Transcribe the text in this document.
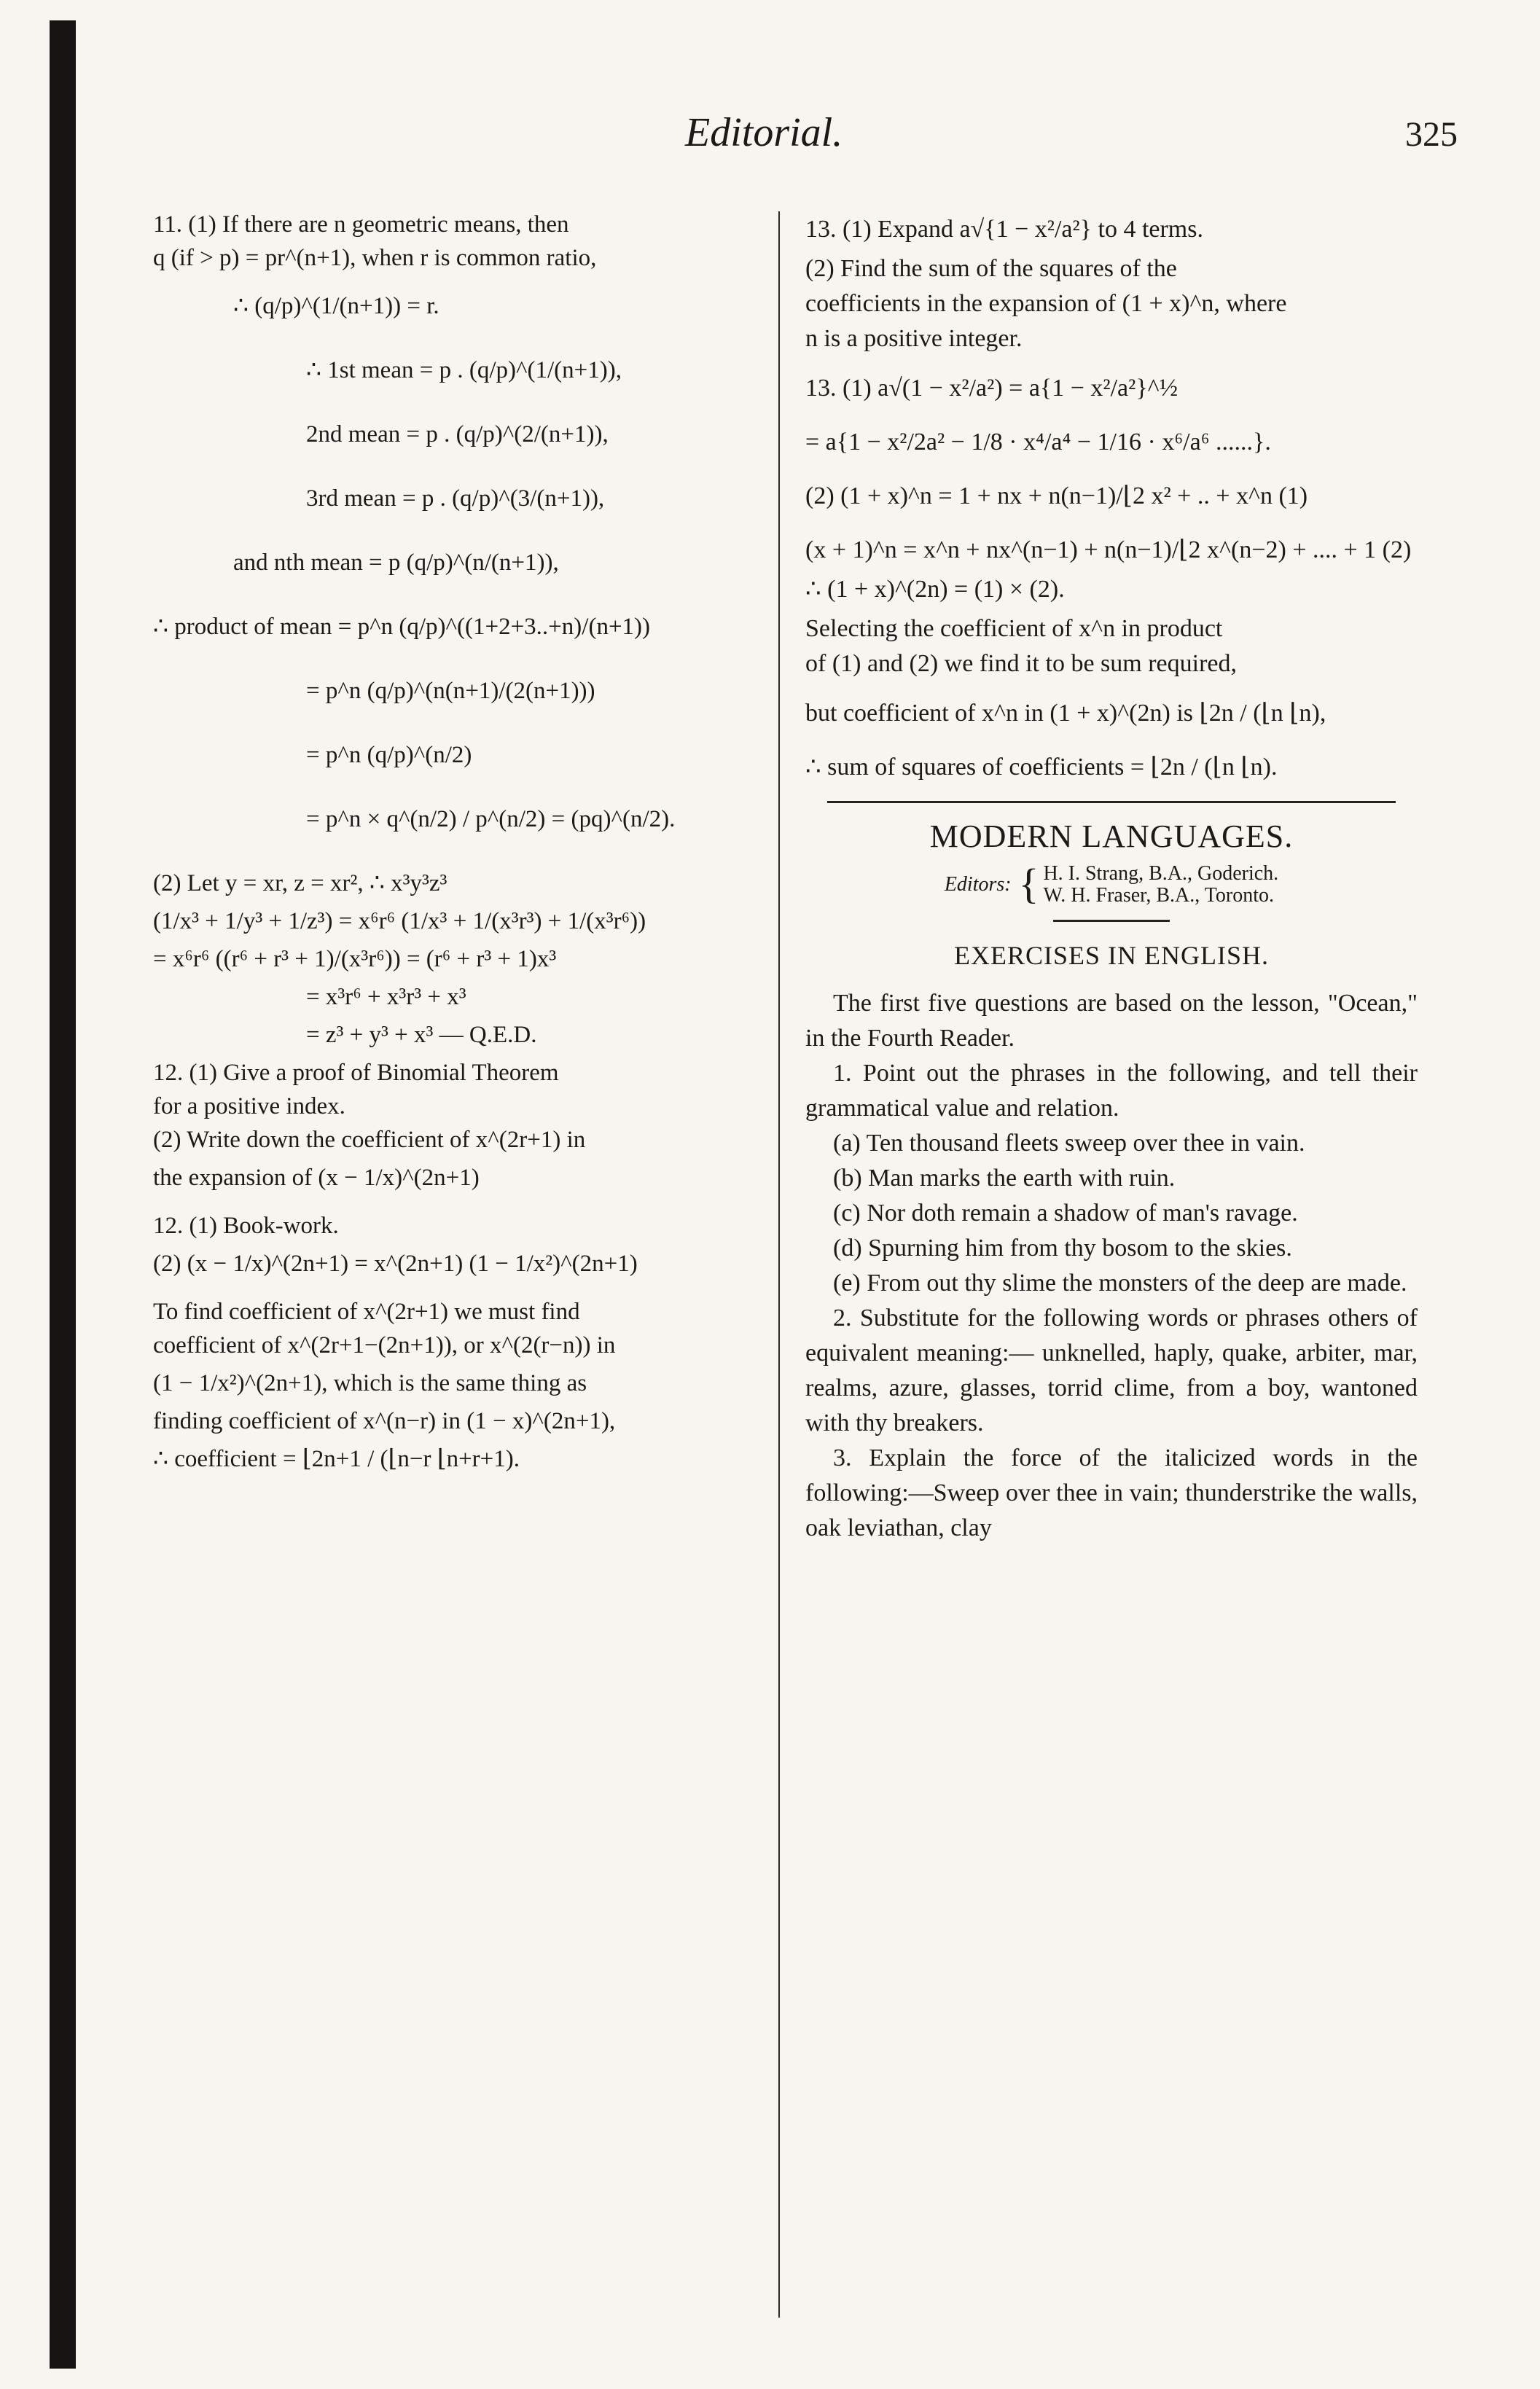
Editorial.	325
11. (1) If there are n geometric means, then
q (if > p) = pr^(n+1), when r is common ratio,
∴ (q/p)^(1/(n+1)) = r.
∴ 1st mean = p . (q/p)^(1/(n+1)),
2nd mean = p . (q/p)^(2/(n+1)),
3rd mean = p . (q/p)^(3/(n+1)),
and nth mean = p (q/p)^(n/(n+1)),
∴ product of mean = p^n (q/p)^((1+2+3..+n)/(n+1))
= p^n (q/p)^(n(n+1)/(2(n+1)))
= p^n (q/p)^(n/2)
= p^n × q^(n/2) / p^(n/2) = (pq)^(n/2).
(2) Let y = xr, z = xr², ∴ x³y³z³
(1/x³ + 1/y³ + 1/z³) = x⁶r⁶ (1/x³ + 1/(x³r³) + 1/(x³r⁶))
= x⁶r⁶ ((r⁶ + r³ + 1)/(x³r⁶)) = (r⁶ + r³ + 1)x³
= x³r⁶ + x³r³ + x³
= z³ + y³ + x³ — Q.E.D.
12. (1) Give a proof of Binomial Theorem
for a positive index.
(2) Write down the coefficient of x^(2r+1) in
the expansion of (x − 1/x)^(2n+1)
12. (1) Book-work.
(2) (x − 1/x)^(2n+1) = x^(2n+1) (1 − 1/x²)^(2n+1)
To find coefficient of x^(2r+1) we must find
coefficient of x^(2r+1−(2n+1)), or x^(2(r−n)) in
(1 − 1/x²)^(2n+1), which is the same thing as
finding coefficient of x^(n−r) in (1 − x)^(2n+1),
∴ coefficient = ⌊2n+1 / (⌊n−r ⌊n+r+1).
13. (1) Expand a√{1 − x²/a²} to 4 terms.
(2) Find the sum of the squares of the
coefficients in the expansion of (1 + x)^n, where
n is a positive integer.
13. (1) a√(1 − x²/a²) = a{1 − x²/a²}^½
= a{1 − x²/2a² − 1/8 · x⁴/a⁴ − 1/16 · x⁶/a⁶ ......}.
(2) (1 + x)^n = 1 + nx + n(n−1)/⌊2 x² + .. + x^n (1)
(x + 1)^n = x^n + nx^(n−1) + n(n−1)/⌊2 x^(n−2) + .... + 1 (2)
∴ (1 + x)^(2n) = (1) × (2).
Selecting the coefficient of x^n in product
of (1) and (2) we find it to be sum required,
but coefficient of x^n in (1 + x)^(2n) is ⌊2n / (⌊n ⌊n),
∴ sum of squares of coefficients = ⌊2n / (⌊n ⌊n).
MODERN LANGUAGES.
Editors: { H. I. Strang, B.A., Goderich.
W. H. Fraser, B.A., Toronto.
EXERCISES IN ENGLISH.

The first five questions are based on the lesson, "Ocean," in the Fourth Reader.

1. Point out the phrases in the following, and tell their grammatical value and relation.

(a) Ten thousand fleets sweep over thee in vain.

(b) Man marks the earth with ruin.

(c) Nor doth remain a shadow of man's ravage.

(d) Spurning him from thy bosom to the skies.

(e) From out thy slime the monsters of the deep are made.

2. Substitute for the following words or phrases others of equivalent meaning:— unknelled, haply, quake, arbiter, mar, realms, azure, glasses, torrid clime, from a boy, wantoned with thy breakers.

3. Explain the force of the italicized words in the following:—Sweep over thee in vain; thunderstrike the walls, oak leviathan, clay
